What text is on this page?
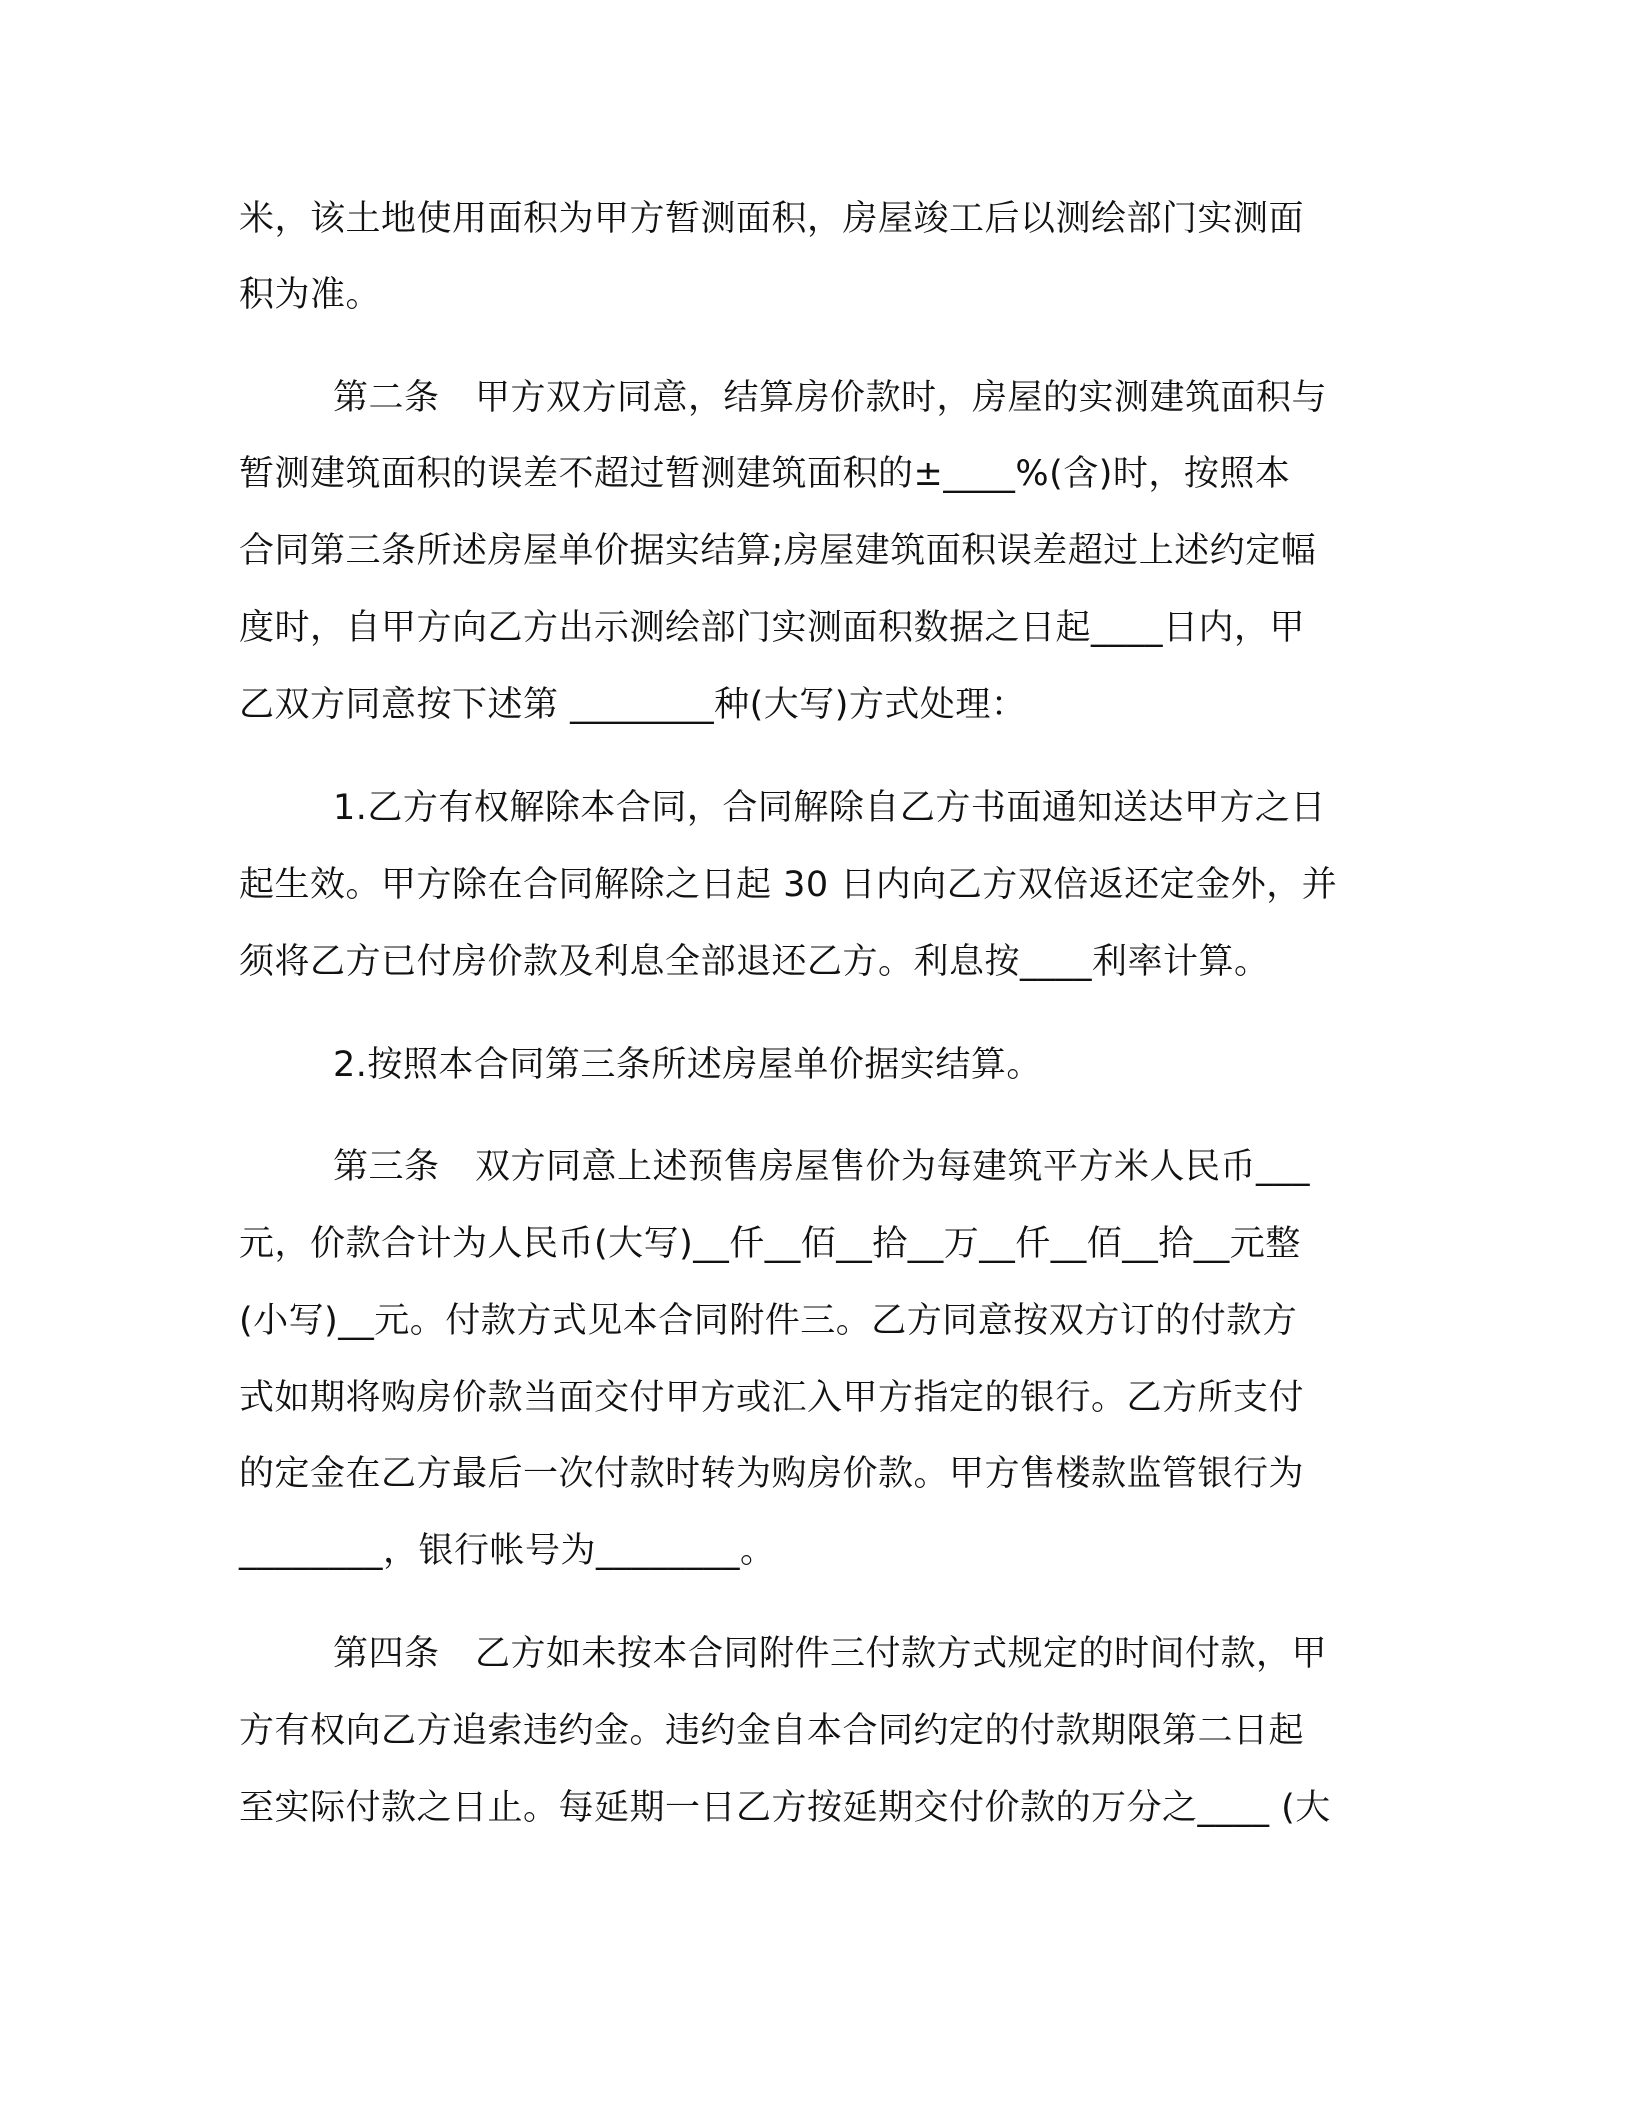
米，该土地使用面积为甲方暂测面积，房屋竣工后以测绘部门实测面
积为准。
第二条　甲方双方同意，结算房价款时，房屋的实测建筑面积与
暂测建筑面积的误差不超过暂测建筑面积的±____%(含)时，按照本
合同第三条所述房屋单价据实结算;房屋建筑面积误差超过上述约定幅
度时，自甲方向乙方出示测绘部门实测面积数据之日起____日内，甲
乙双方同意按下述第 ________种(大写)方式处理：
1.乙方有权解除本合同，合同解除自乙方书面通知送达甲方之日
起生效。甲方除在合同解除之日起 30 日内向乙方双倍返还定金外，并
须将乙方已付房价款及利息全部退还乙方。利息按____利率计算。
2.按照本合同第三条所述房屋单价据实结算。
第三条　双方同意上述预售房屋售价为每建筑平方米人民币___
元，价款合计为人民币(大写)__仟__佰__拾__万__仟__佰__拾__元整
(小写)__元。付款方式见本合同附件三。乙方同意按双方订的付款方
式如期将购房价款当面交付甲方或汇入甲方指定的银行。乙方所支付
的定金在乙方最后一次付款时转为购房价款。甲方售楼款监管银行为
________，银行帐号为________。
第四条　乙方如未按本合同附件三付款方式规定的时间付款，甲
方有权向乙方追索违约金。违约金自本合同约定的付款期限第二日起
至实际付款之日止。每延期一日乙方按延期交付价款的万分之____ (大
